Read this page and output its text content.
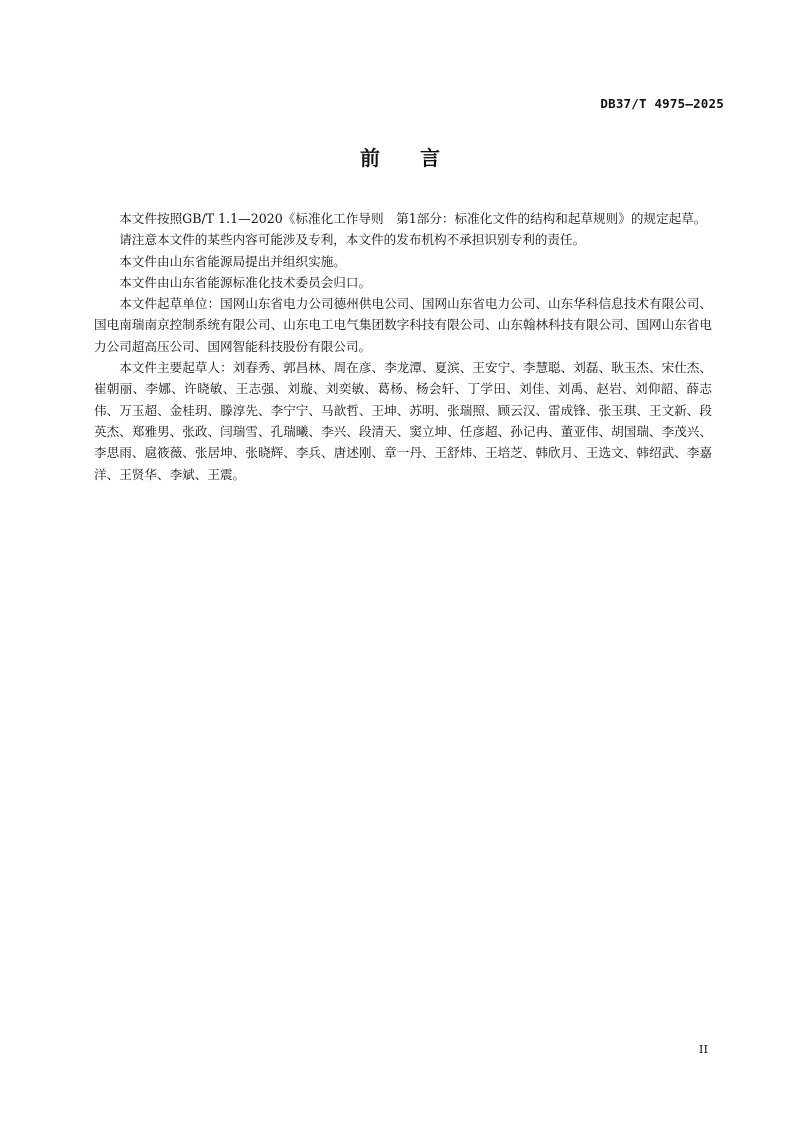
DB37/T 4975—2025
前 言

本文件按照GB/T 1.1—2020《标准化工作导则　第1部分：标准化文件的结构和起草规则》的规定起草。

请注意本文件的某些内容可能涉及专利，本文件的发布机构不承担识别专利的责任。

本文件由山东省能源局提出并组织实施。

本文件由山东省能源标准化技术委员会归口。

本文件起草单位：国网山东省电力公司德州供电公司、国网山东省电力公司、山东华科信息技术有限公司、国电南瑞南京控制系统有限公司、山东电工电气集团数字科技有限公司、山东翰林科技有限公司、国网山东省电力公司超高压公司、国网智能科技股份有限公司。

本文件主要起草人：刘春秀、郭昌林、周在彦、李龙潭、夏滨、王安宁、李慧聪、刘磊、耿玉杰、宋仕杰、崔朝丽、李娜、许晓敏、王志强、刘璇、刘奕敏、葛杨、杨会轩、丁学田、刘佳、刘禹、赵岩、刘仰韶、薛志伟、万玉超、金桂玥、滕淳先、李宁宁、马歆哲、王坤、苏明、张瑞照、顾云汉、雷成锋、张玉琪、王文新、段英杰、郑雅男、张政、闫瑞雪、孔瑞曦、李兴、段清天、窦立坤、任彦超、孙记冉、董亚伟、胡国瑞、李茂兴、李思雨、扈筱薇、张居坤、张晓辉、李兵、唐述刚、章一丹、王舒炜、王培芝、韩欣月、王选文、韩绍武、李嘉洋、王贤华、李斌、王震。

II
